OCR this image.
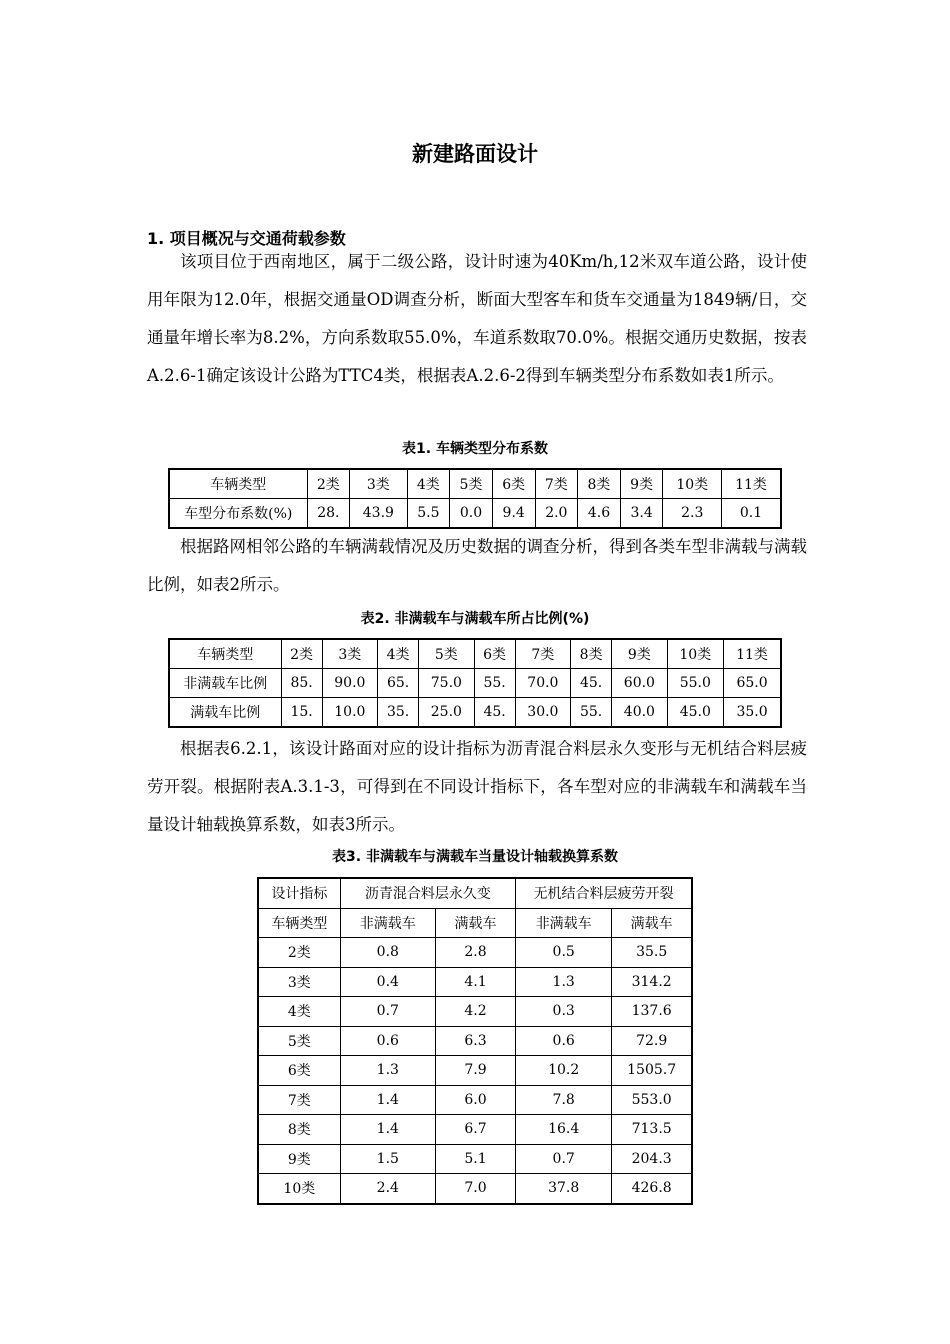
新建路面设计
1. 项目概况与交通荷载参数

该项目位于西南地区，属于二级公路，设计时速为40Km/h,12米双车道公路，设计使用年限为12.0年，根据交通量OD调查分析，断面大型客车和货车交通量为1849辆/日，交通量年增长率为8.2%，方向系数取55.0%，车道系数取70.0%。根据交通历史数据，按表A.2.6-1确定该设计公路为TTC4类，根据表A.2.6-2得到车辆类型分布系数如表1所示。

表1. 车辆类型分布系数
车辆类型	2类	3类	4类	5类	6类	7类	8类	9类	10类	11类
车型分布系数(%)	28.	43.9	5.5	0.0	9.4	2.0	4.6	3.4	2.3	0.1

根据路网相邻公路的车辆满载情况及历史数据的调查分析，得到各类车型非满载与满载比例，如表2所示。

表2. 非满载车与满载车所占比例(%)
车辆类型	2类	3类	4类	5类	6类	7类	8类	9类	10类	11类
非满载车比例	85.	90.0	65.	75.0	55.	70.0	45.	60.0	55.0	65.0
满载车比例	15.	10.0	35.	25.0	45.	30.0	55.	40.0	45.0	35.0

根据表6.2.1，该设计路面对应的设计指标为沥青混合料层永久变形与无机结合料层疲劳开裂。根据附表A.3.1-3，可得到在不同设计指标下，各车型对应的非满载车和满载车当量设计轴载换算系数，如表3所示。

表3. 非满载车与满载车当量设计轴载换算系数
设计指标	沥青混合料层永久变		无机结合料层疲劳开裂	
车辆类型	非满载车	满载车	非满载车	满载车
2类	0.8	2.8	0.5	35.5
3类	0.4	4.1	1.3	314.2
4类	0.7	4.2	0.3	137.6
5类	0.6	6.3	0.6	72.9
6类	1.3	7.9	10.2	1505.7
7类	1.4	6.0	7.8	553.0
8类	1.4	6.7	16.4	713.5
9类	1.5	5.1	0.7	204.3
10类	2.4	7.0	37.8	426.8
